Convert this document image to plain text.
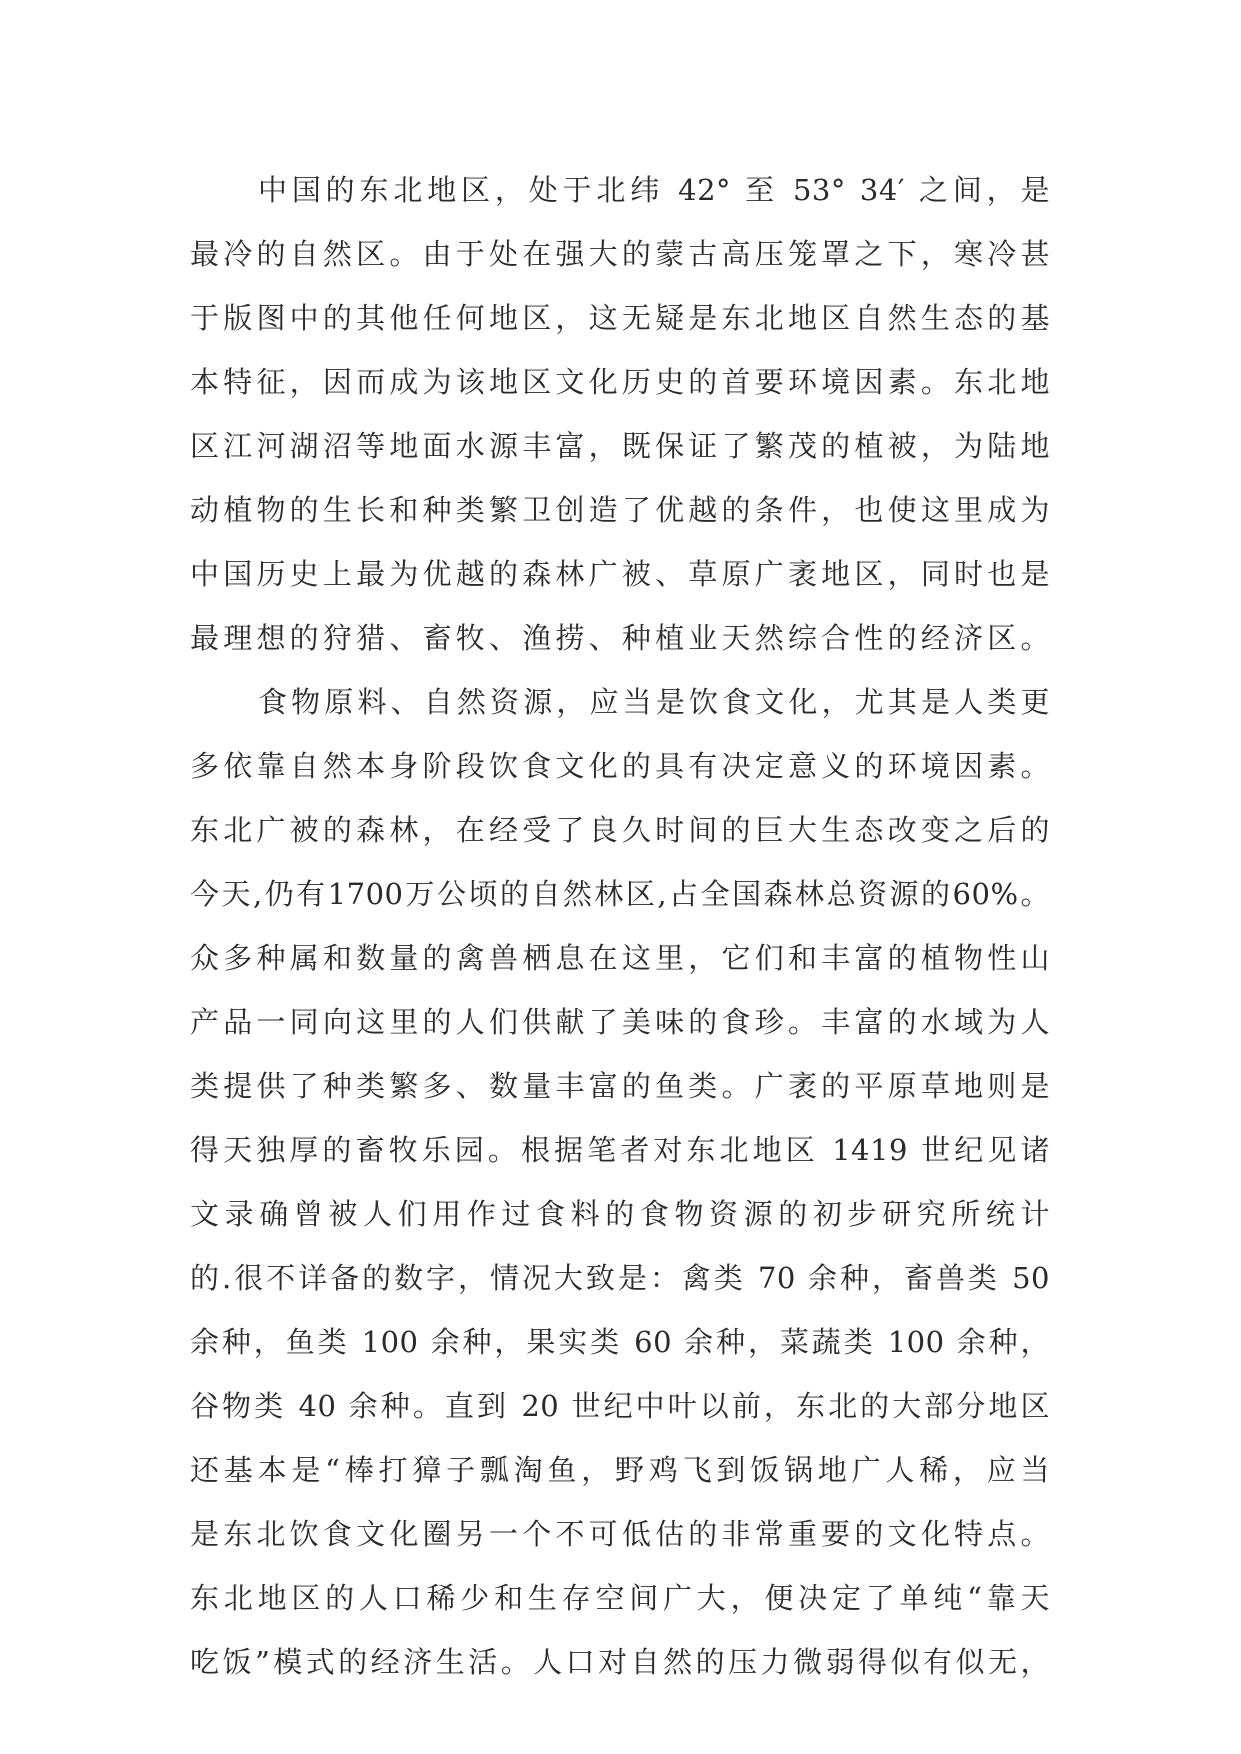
中国的东北地区，处于北纬 42° 至 53° 34′ 之间，是
最冷的自然区。由于处在强大的蒙古高压笼罩之下，寒冷甚
于版图中的其他任何地区，这无疑是东北地区自然生态的基
本特征，因而成为该地区文化历史的首要环境因素。东北地
区江河湖沼等地面水源丰富，既保证了繁茂的植被，为陆地
动植物的生长和种类繁卫创造了优越的条件，也使这里成为
中国历史上最为优越的森林广被、草原广袤地区，同时也是
最理想的狩猎、畜牧、渔捞、种植业天然综合性的经济区。
食物原料、自然资源，应当是饮食文化，尤其是人类更
多依靠自然本身阶段饮食文化的具有决定意义的环境因素。
东北广被的森林，在经受了良久时间的巨大生态改变之后的
今天,仍有1700万公顷的自然林区,占全国森林总资源的60%。
众多种属和数量的禽兽栖息在这里，它们和丰富的植物性山
产品一同向这里的人们供献了美味的食珍。丰富的水域为人
类提供了种类繁多、数量丰富的鱼类。广袤的平原草地则是
得天独厚的畜牧乐园。根据笔者对东北地区 1419 世纪见诸
文录确曾被人们用作过食料的食物资源的初步研究所统计
的.很不详备的数字，情况大致是：禽类 70 余种，畜兽类 50
余种，鱼类 100 余种，果实类 60 余种，菜蔬类 100 余种，
谷物类 40 余种。直到 20 世纪中叶以前，东北的大部分地区
还基本是“棒打獐子瓢淘鱼，野鸡飞到饭锅地广人稀，应当
是东北饮食文化圈另一个不可低估的非常重要的文化特点。
东北地区的人口稀少和生存空间广大，便决定了单纯“靠天
吃饭”模式的经济生活。人口对自然的压力微弱得似有似无，
